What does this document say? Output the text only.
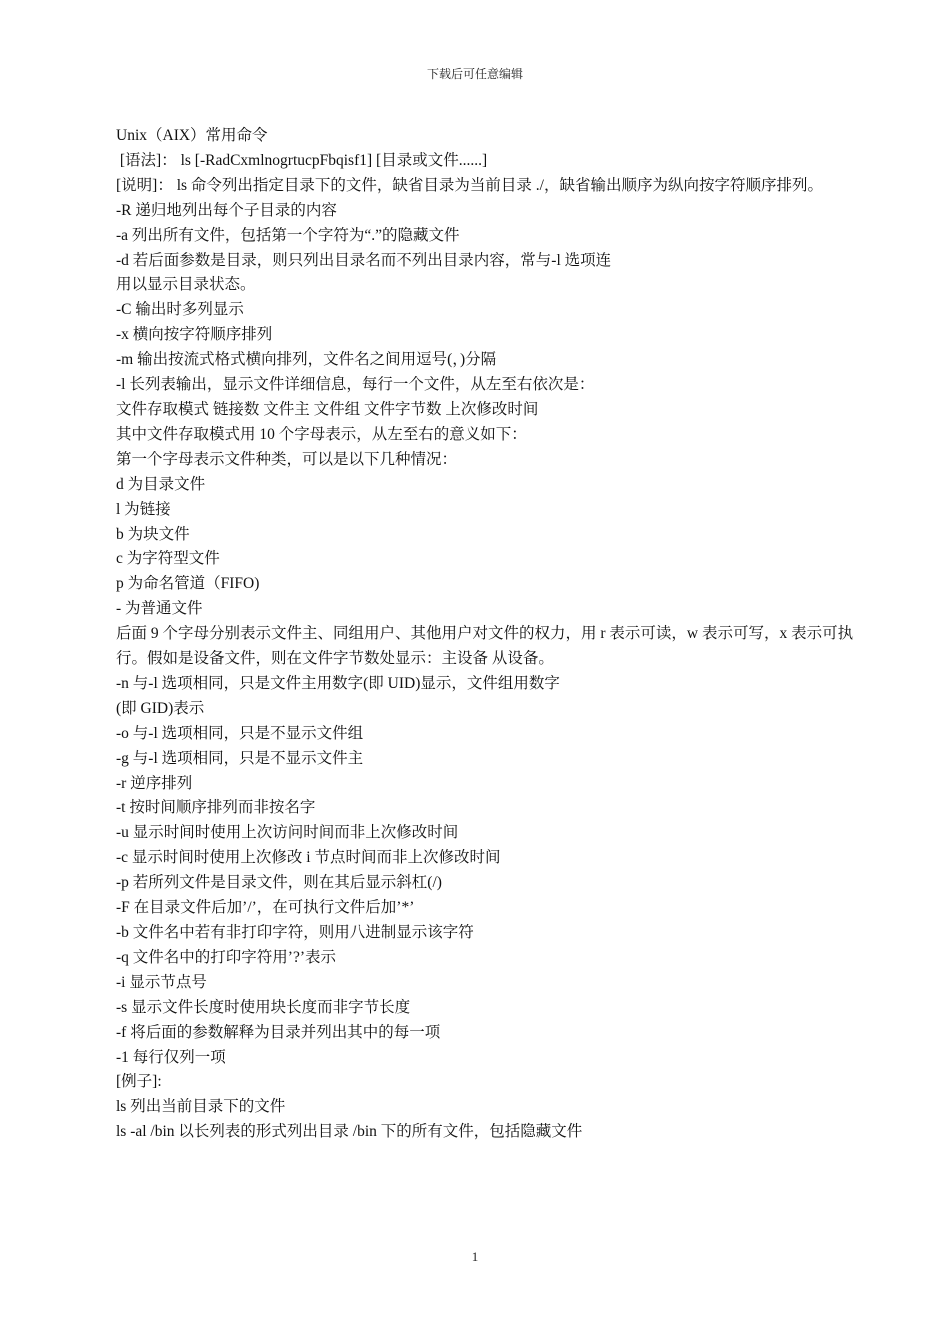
下载后可任意编辑
Unix（AIX）常用命令
[语法]： ls [-RadCxmlnogrtucpFbqisf1] [目录或文件......]
[说明]： ls 命令列出指定目录下的文件，缺省目录为当前目录 ./，缺省输出顺序为纵向按字符顺序排列。
-R 递归地列出每个子目录的内容
-a 列出所有文件，包括第一个字符为“.”的隐藏文件
-d 若后面参数是目录，则只列出目录名而不列出目录内容，常与-l 选项连
用以显示目录状态。
-C 输出时多列显示
-x 横向按字符顺序排列
-m 输出按流式格式横向排列，文件名之间用逗号(，)分隔
-l 长列表输出，显示文件详细信息，每行一个文件，从左至右依次是：
文件存取模式 链接数 文件主 文件组 文件字节数 上次修改时间
其中文件存取模式用 10 个字母表示，从左至右的意义如下：
第一个字母表示文件种类，可以是以下几种情况：
d 为目录文件
l 为链接
b 为块文件
c 为字符型文件
p 为命名管道（FIFO)
- 为普通文件
后面 9 个字母分别表示文件主、同组用户、其他用户对文件的权力，用 r 表示可读，w 表示可写，x 表示可执行。假如是设备文件，则在文件字节数处显示：主设备 从设备。
-n 与-l 选项相同，只是文件主用数字(即 UID)显示，文件组用数字
(即 GID)表示
-o 与-l 选项相同，只是不显示文件组
-g 与-l 选项相同，只是不显示文件主
-r 逆序排列
-t 按时间顺序排列而非按名字
-u 显示时间时使用上次访问时间而非上次修改时间
-c 显示时间时使用上次修改 i 节点时间而非上次修改时间
-p 若所列文件是目录文件，则在其后显示斜杠(/)
-F 在目录文件后加’/’，在可执行文件后加’*’
-b 文件名中若有非打印字符，则用八进制显示该字符
-q 文件名中的打印字符用’?’表示
-i 显示节点号
-s 显示文件长度时使用块长度而非字节长度
-f 将后面的参数解释为目录并列出其中的每一项
-1 每行仅列一项
[例子]:
ls 列出当前目录下的文件
ls -al /bin 以长列表的形式列出目录 /bin 下的所有文件，包括隐藏文件
1
